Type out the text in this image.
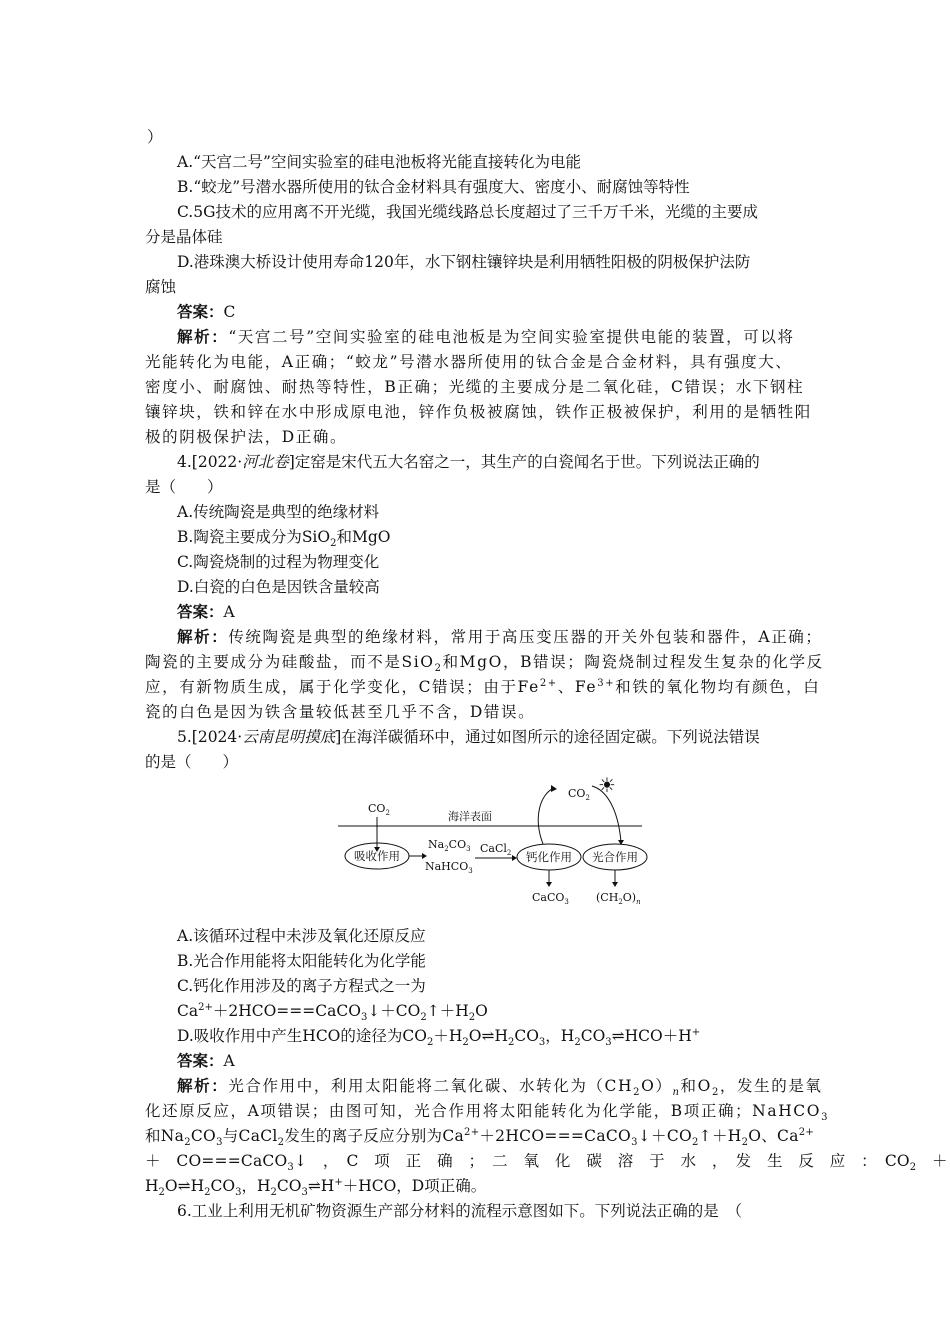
）
A.“天宫二号”空间实验室的硅电池板将光能直接转化为电能
B.“蛟龙”号潜水器所使用的钛合金材料具有强度大、密度小、耐腐蚀等特性
C.5G技术的应用离不开光缆，我国光缆线路总长度超过了三千万千米，光缆的主要成
分是晶体硅
D.港珠澳大桥设计使用寿命120年，水下钢柱镶锌块是利用牺牲阳极的阴极保护法防
腐蚀
答案：C
解析：“天宫二号”空间实验室的硅电池板是为空间实验室提供电能的装置，可以将
光能转化为电能，A正确；“蛟龙”号潜水器所使用的钛合金是合金材料，具有强度大、
密度小、耐腐蚀、耐热等特性，B正确；光缆的主要成分是二氧化硅，C错误；水下钢柱
镶锌块，铁和锌在水中形成原电池，锌作负极被腐蚀，铁作正极被保护，利用的是牺牲阳
极的阴极保护法，D正确。
4.[2022·河北卷]定窑是宋代五大名窑之一，其生产的白瓷闻名于世。下列说法正确的
是（　　）
A.传统陶瓷是典型的绝缘材料
B.陶瓷主要成分为SiO$_2$和MgO
C.陶瓷烧制的过程为物理变化
D.白瓷的白色是因铁含量较高
答案：A
解析：传统陶瓷是典型的绝缘材料，常用于高压变压器的开关外包装和器件，A正确；
陶瓷的主要成分为硅酸盐，而不是SiO$_2$和MgO，B错误；陶瓷烧制过程发生复杂的化学反
应，有新物质生成，属于化学变化，C错误；由于$Fe^{2+}$、$Fe^{3+}$和铁的氧化物均有颜色，白
瓷的白色是因为铁含量较低甚至几乎不含，D错误。
5.[2024·云南昆明摸底]在海洋碳循环中，通过如图所示的途径固定碳。下列说法错误
的是（　　）
海洋表面
$CO_2$
吸收作用
$Na_2CO_3$
NaHCO$_3$
CaCl$_2$ 钙化作用 光合作用
$CO_2$
☀
CaCO$_3$ $(CH_2O)_n$
A.该循环过程中未涉及氧化还原反应
B.光合作用能将太阳能转化为化学能
C.钙化作用涉及的离子方程式之一为
$Ca^{2+}+2HCO===CaCO_3↓+CO_2↑+H_2O$
D.吸收作用中产生HCO的途径为$CO_2+H_2O\rightleftharpoons H_2CO_3$，$H_2CO_3\rightleftharpoons HCO+H^+$
答案：A
解析：光合作用中，利用太阳能将二氧化碳、水转化为$(CH_2O)_n$和$O_2$，发生的是氧
化还原反应，A项错误；由图可知，光合作用将太阳能转化为化学能，B项正确；NaHCO$_3$
和$Na_2CO_3$与CaCl$_2$发生的离子反应分别为$Ca^{2+}+2HCO===CaCO_3↓+CO_2↑+H_2O$、$Ca^{2+}$
＋　CO===CaCO$_3$↓　，　C　项　正　确　；　二　氧　化　碳　溶　于　水　，　发　生　反　应　：　$CO_2$　＋
$H_2O\rightleftharpoons H_2CO_3$，$H_2CO_3\rightleftharpoons H^++HCO$，D项正确。
6.工业上利用无机矿物资源生产部分材料的流程示意图如下。下列说法正确的是　（
